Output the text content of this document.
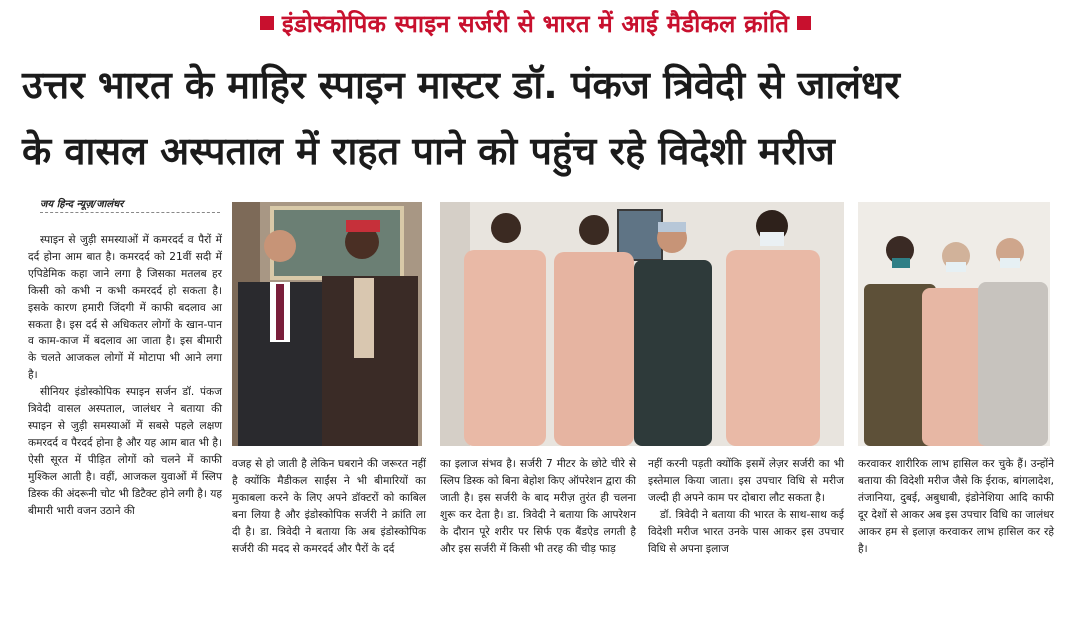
इंडोस्कोपिक स्पाइन सर्जरी से भारत में आई मैडीकल क्रांति
उत्तर भारत के माहिर स्पाइन मास्टर डॉ. पंकज त्रिवेदी से जालंधर
के वासल अस्पताल में राहत पाने को पहुंच रहे विदेशी मरीज
जय हिन्द न्यूज़/जालंधर

स्पाइन से जुड़ी समस्याओं में कमरदर्द व पैरों में दर्द होना आम बात है। कमरदर्द को 21वीं सदी में एपिडेमिक कहा जाने लगा है जिसका मतलब हर किसी को कभी न कभी कमरदर्द हो सकता है। इसके कारण हमारी जिंदगी में काफी बदलाव आ सकता है। इस दर्द से अधिकतर लोगों के खान-पान व काम-काज में बदलाव आ जाता है। इस बीमारी के चलते आजकल लोगों में मोटापा भी आने लगा है।

सीनियर इंडोस्कोपिक स्पाइन सर्जन डॉ. पंकज त्रिवेदी वासल अस्पताल, जालंधर ने बताया की स्पाइन से जुड़ी समस्याओं में सबसे पहले लक्षण कमरदर्द व पैरदर्द होना है और यह आम बात भी है। ऐसी सूरत में पीड़ित लोगों को चलने में काफी मुश्किल आती है। वहीं, आजकल युवाओं में स्लिप डिस्क की अंदरूनी चोट भी डिटैक्ट होने लगी है। यह बीमारी भारी वजन उठाने की

वजह से हो जाती है लेकिन घबराने की जरूरत नहीं है क्योंकि मैडीकल साईंस ने भी बीमारियों का मुकाबला करने के लिए अपने डॉक्टरों को काबिल बना लिया है और इंडोस्कोपिक सर्जरी ने क्रांति ला दी है। डा. त्रिवेदी ने बताया कि अब इंडोस्कोपिक सर्जरी की मदद से कमरदर्द और पैरों के दर्द

का इलाज संभव है। सर्जरी 7 मीटर के छोटे चीरे से स्लिप डिस्क को बिना बेहोश किए ऑपरेशन द्वारा की जाती है। इस सर्जरी के बाद मरीज़ तुरंत ही चलना शुरू कर देता है। डा. त्रिवेदी ने बताया कि आपरेशन के दौरान पूरे शरीर पर सिर्फ एक बैंडऐड लगती है और इस सर्जरी में किसी भी तरह की चीड़ फाड़

नहीं करनी पड़ती क्योंकि इसमें लेज़र सर्जरी का भी इस्तेमाल किया जाता। इस उपचार विधि से मरीज जल्दी ही अपने काम पर दोबारा लौट सकता है।

डॉ. त्रिवेदी ने बताया की भारत के साथ-साथ कई विदेशी मरीज भारत उनके पास आकर इस उपचार विधि से अपना इलाज

करवाकर शारीरिक लाभ हासिल कर चुके हैं। उन्होंने बताया की विदेशी मरीज जैसे कि ईराक, बांगलादेश, तंजानिया, दुबई, अबुधाबी, इंडोनेशिया आदि काफी दूर देशों से आकर अब इस उपचार विधि का जालंधर आकर हम से इलाज़ करवाकर लाभ हासिल कर रहे है।
